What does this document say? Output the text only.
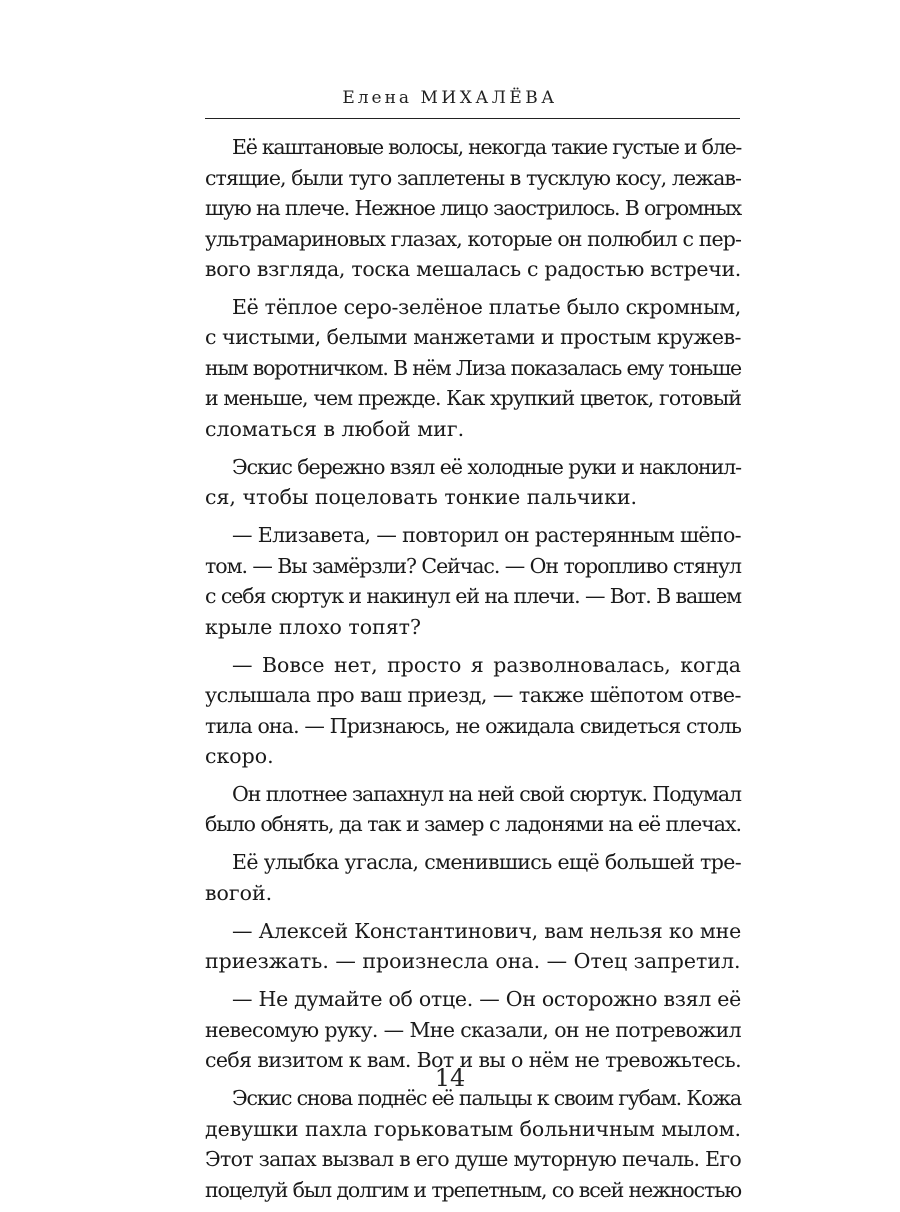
Елена МИХАЛЁВА
Её каштановые волосы, некогда такие густые и бле-
стящие, были туго заплетены в тусклую косу, лежав-
шую на плече. Нежное лицо заострилось. В огромных
ультрамариновых глазах, которые он полюбил с пер-
вого взгляда, тоска мешалась с радостью встречи.
Её тёплое серо-зелёное платье было скромным,
с чистыми, белыми манжетами и простым кружев-
ным воротничком. В нём Лиза показалась ему тоньше
и меньше, чем прежде. Как хрупкий цветок, готовый
сломаться в любой миг.
Эскис бережно взял её холодные руки и наклонил-
ся, чтобы поцеловать тонкие пальчики.
— Елизавета, — повторил он растерянным шёпо-
том. — Вы замёрзли? Сейчас. — Он торопливо стянул
с себя сюртук и накинул ей на плечи. — Вот. В вашем
крыле плохо топят?
— Вовсе нет, просто я разволновалась, когда
услышала про ваш приезд, — также шёпотом отве-
тила она. — Признаюсь, не ожидала свидеться столь
скоро.
Он плотнее запахнул на ней свой сюртук. Подумал
было обнять, да так и замер с ладонями на её плечах.
Её улыбка угасла, сменившись ещё большей тре-
вогой.
— Алексей Константинович, вам нельзя ко мне
приезжать. — произнесла она. — Отец запретил.
— Не думайте об отце. — Он осторожно взял её
невесомую руку. — Мне сказали, он не потревожил
себя визитом к вам. Вот и вы о нём не тревожьтесь.
Эскис снова поднёс её пальцы к своим губам. Кожа
девушки пахла горьковатым больничным мылом.
Этот запах вызвал в его душе муторную печаль. Его
поцелуй был долгим и трепетным, со всей нежностью
14
